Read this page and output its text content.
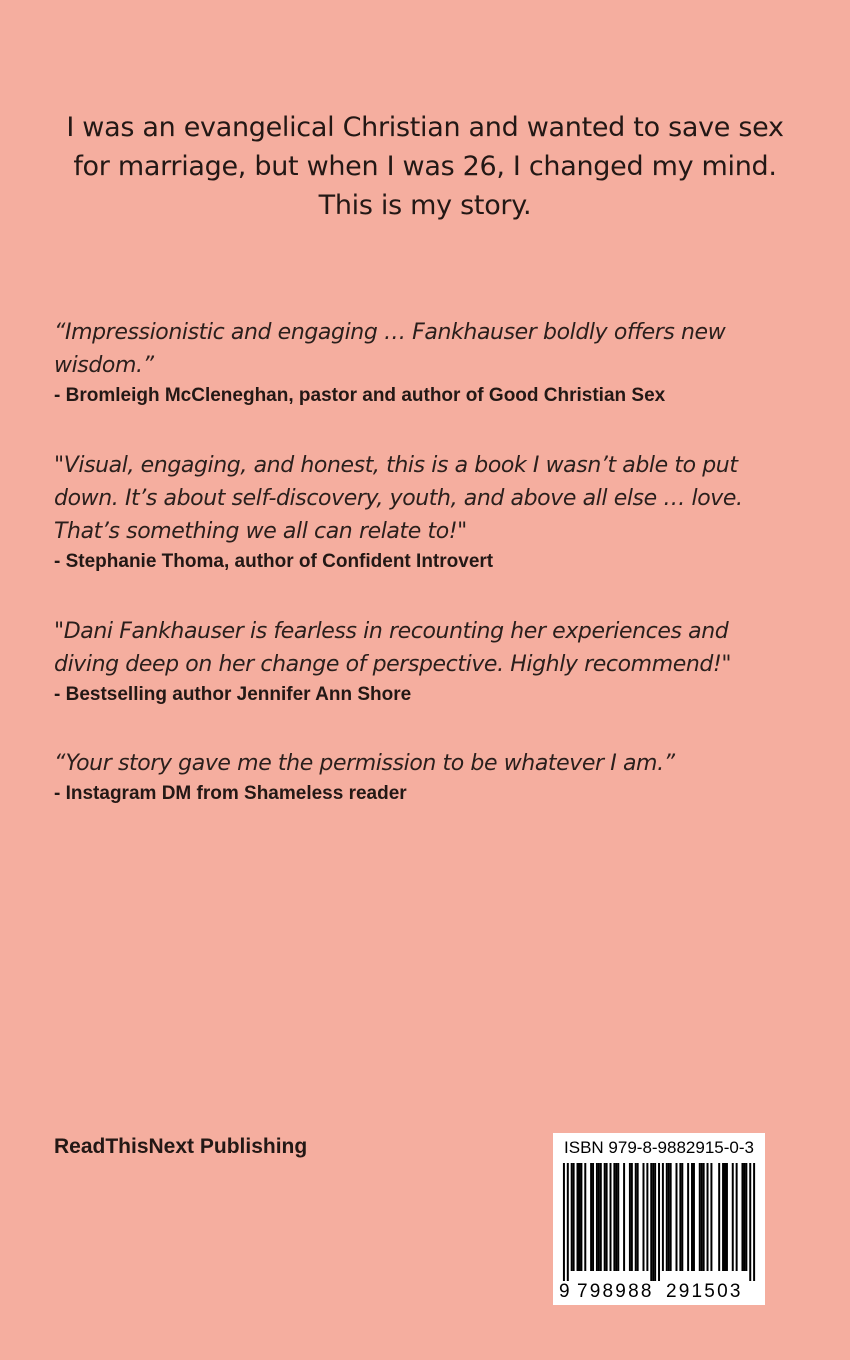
I was an evangelical Christian and wanted to save sex
for marriage, but when I was 26, I changed my mind.
This is my story.
“Impressionistic and engaging … Fankhauser boldly offers new
wisdom.”
- Bromleigh McCleneghan, pastor and author of Good Christian Sex
"Visual, engaging, and honest, this is a book I wasn’t able to put
down. It’s about self-discovery, youth, and above all else … love.
That’s something we all can relate to!"
- Stephanie Thoma, author of Confident Introvert
"Dani Fankhauser is fearless in recounting her experiences and
diving deep on her change of perspective. Highly recommend!"
- Bestselling author Jennifer Ann Shore
“Your story gave me the permission to be whatever I am.”
- Instagram DM from Shameless reader
ReadThisNext Publishing	ISBN 979-8-9882915-0-3
9 798988 291503
